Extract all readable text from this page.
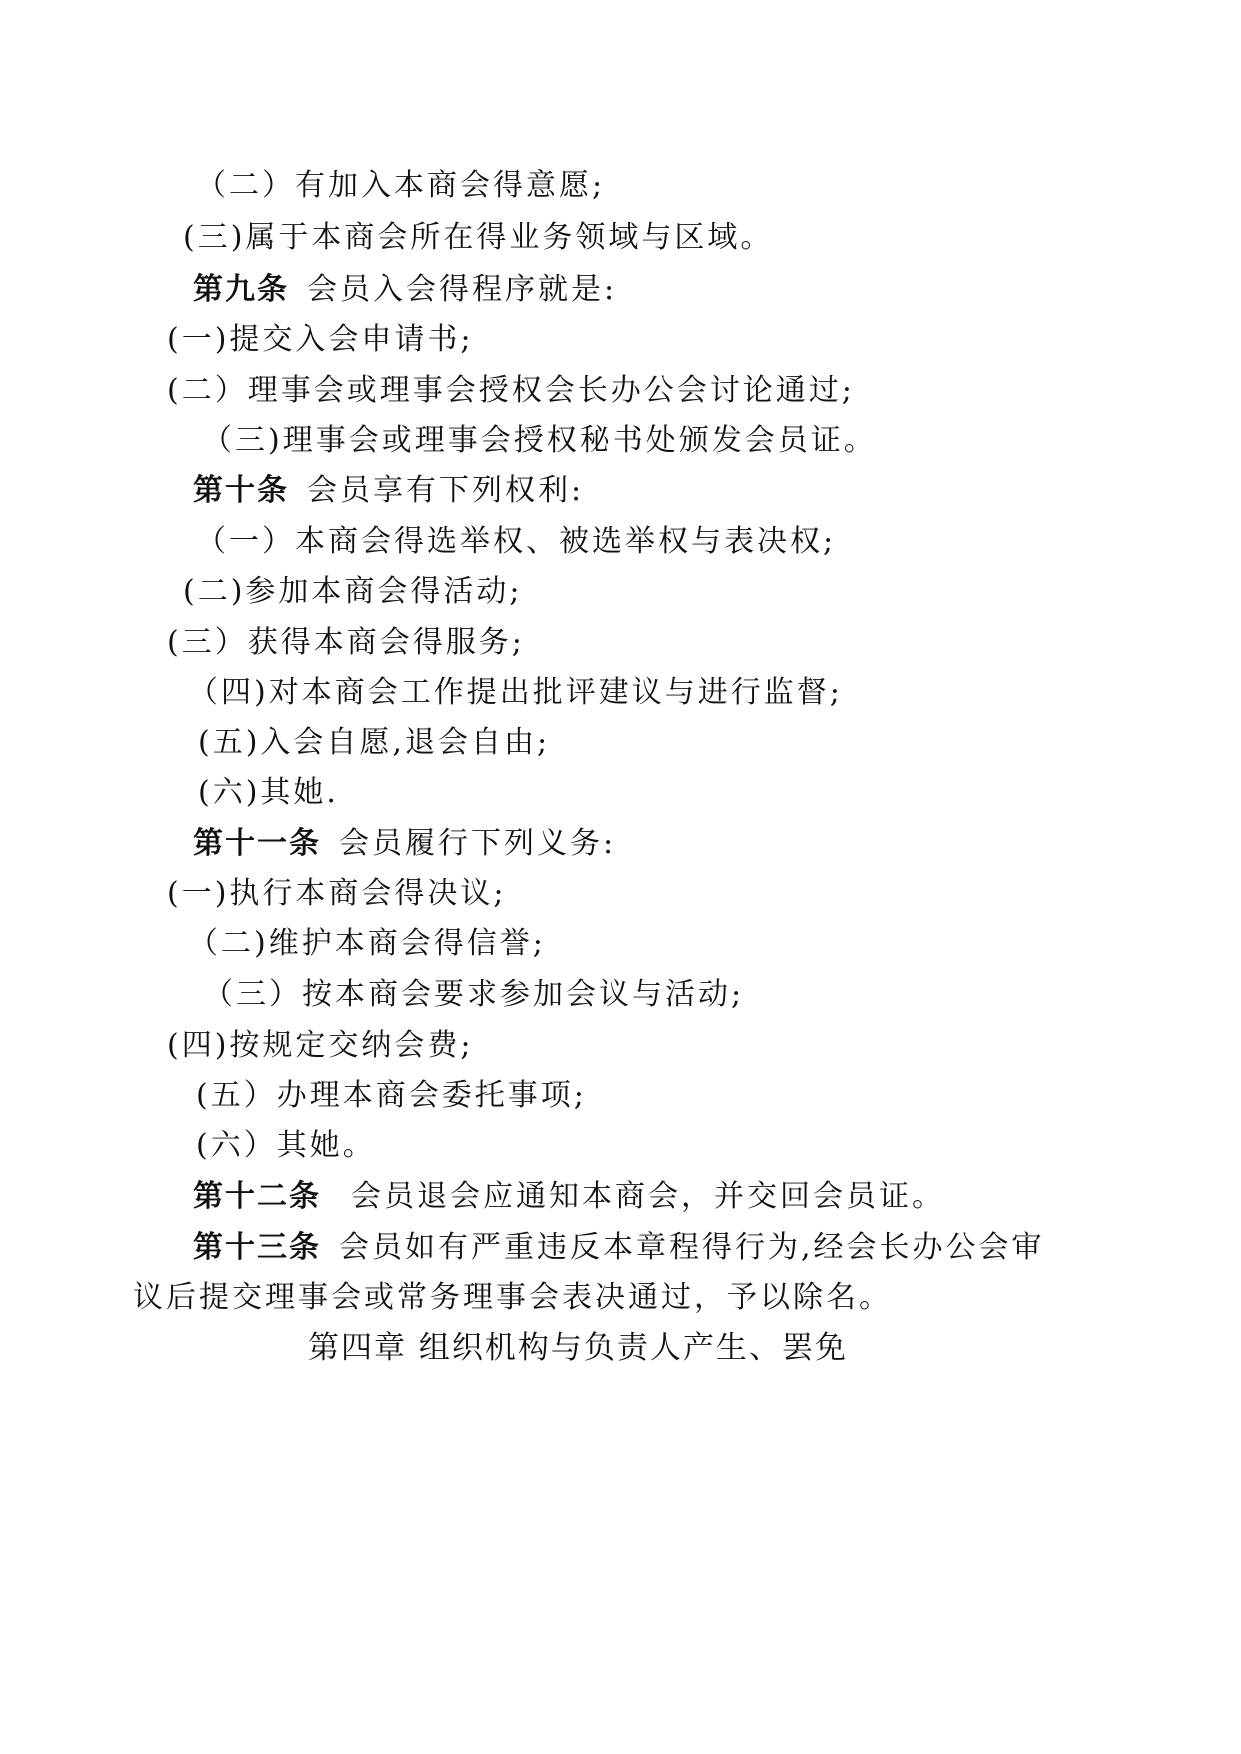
（二）有加入本商会得意愿;
(三)属于本商会所在得业务领域与区域。
第九条 会员入会得程序就是:
(一)提交入会申请书;
(二）理事会或理事会授权会长办公会讨论通过;
（三)理事会或理事会授权秘书处颁发会员证。
第十条 会员享有下列权利:
（一）本商会得选举权、被选举权与表决权;
(二)参加本商会得活动;
(三）获得本商会得服务;
（四)对本商会工作提出批评建议与进行监督;
(五)入会自愿,退会自由;
(六)其她.
第十一条 会员履行下列义务:
(一)执行本商会得决议;
（二)维护本商会得信誉;
（三）按本商会要求参加会议与活动;
(四)按规定交纳会费;
(五）办理本商会委托事项;
(六）其她。
第十二条 会员退会应通知本商会，并交回会员证。
第十三条 会员如有严重违反本章程得行为,经会长办公会审
议后提交理事会或常务理事会表决通过，予以除名。
第四章 组织机构与负责人产生、罢免
